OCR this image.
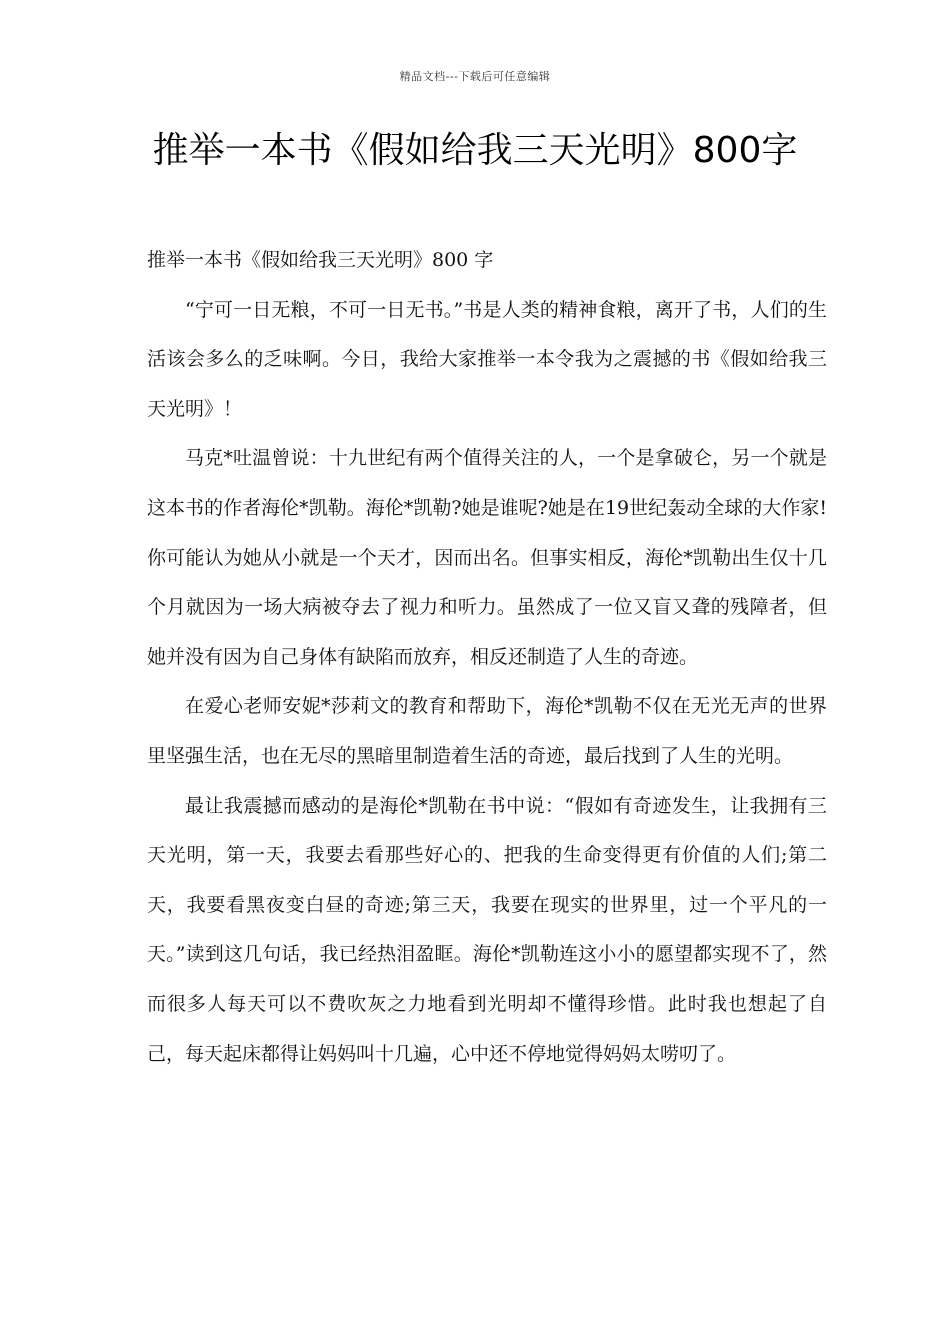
精品文档---下载后可任意编辑
推举一本书《假如给我三天光明》800字

推举一本书《假如给我三天光明》800 字

“宁可一日无粮，不可一日无书。”书是人类的精神食粮，离开了书，人们的生活该会多么的乏味啊。今日，我给大家推举一本令我为之震撼的书《假如给我三天光明》！

马克*吐温曾说：十九世纪有两个值得关注的人，一个是拿破仑，另一个就是这本书的作者海伦*凯勒。海伦*凯勒?她是谁呢?她是在19世纪轰动全球的大作家!你可能认为她从小就是一个天才，因而出名。但事实相反，海伦*凯勒出生仅十几个月就因为一场大病被夺去了视力和听力。虽然成了一位又盲又聋的残障者，但她并没有因为自己身体有缺陷而放弃，相反还制造了人生的奇迹。

在爱心老师安妮*莎莉文的教育和帮助下，海伦*凯勒不仅在无光无声的世界里坚强生活，也在无尽的黑暗里制造着生活的奇迹，最后找到了人生的光明。

最让我震撼而感动的是海伦*凯勒在书中说：“假如有奇迹发生，让我拥有三天光明，第一天，我要去看那些好心的、把我的生命变得更有价值的人们;第二天，我要看黑夜变白昼的奇迹;第三天，我要在现实的世界里，过一个平凡的一天。”读到这几句话，我已经热泪盈眶。海伦*凯勒连这小小的愿望都实现不了，然而很多人每天可以不费吹灰之力地看到光明却不懂得珍惜。此时我也想起了自己，每天起床都得让妈妈叫十几遍，心中还不停地觉得妈妈太唠叨了。
